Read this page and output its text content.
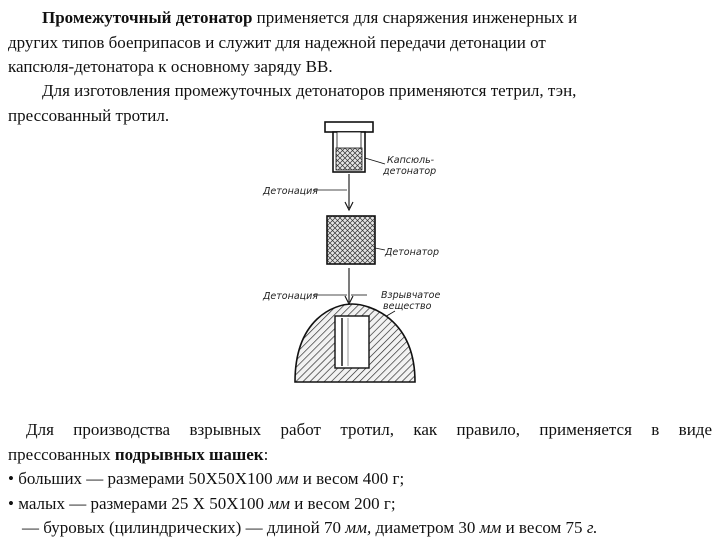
Промежуточный детонатор применяется для снаряжения инженерных и
других типов боеприпасов и служит для надежной передачи детонации от
капсюля-детонатора к основному заряду ВВ.
Для изготовления промежуточных детонаторов применяются тетрил, тэн,
прессованный тротил.
Капсюль-
детонатор
Детонация
Детонатор
Детонация	Взрывчатое
вещество
Для производства взрывных работ тротил, как правило, применяется в виде
прессованных подрывных шашек:
• больших — размерами 50Х50Х100 мм и весом 400 г;
• малых — размерами 25 Х 50Х100 мм и весом 200 г;
— буровых (цилиндрических) — длиной 70 мм, диаметром 30 мм и весом 75 г.
